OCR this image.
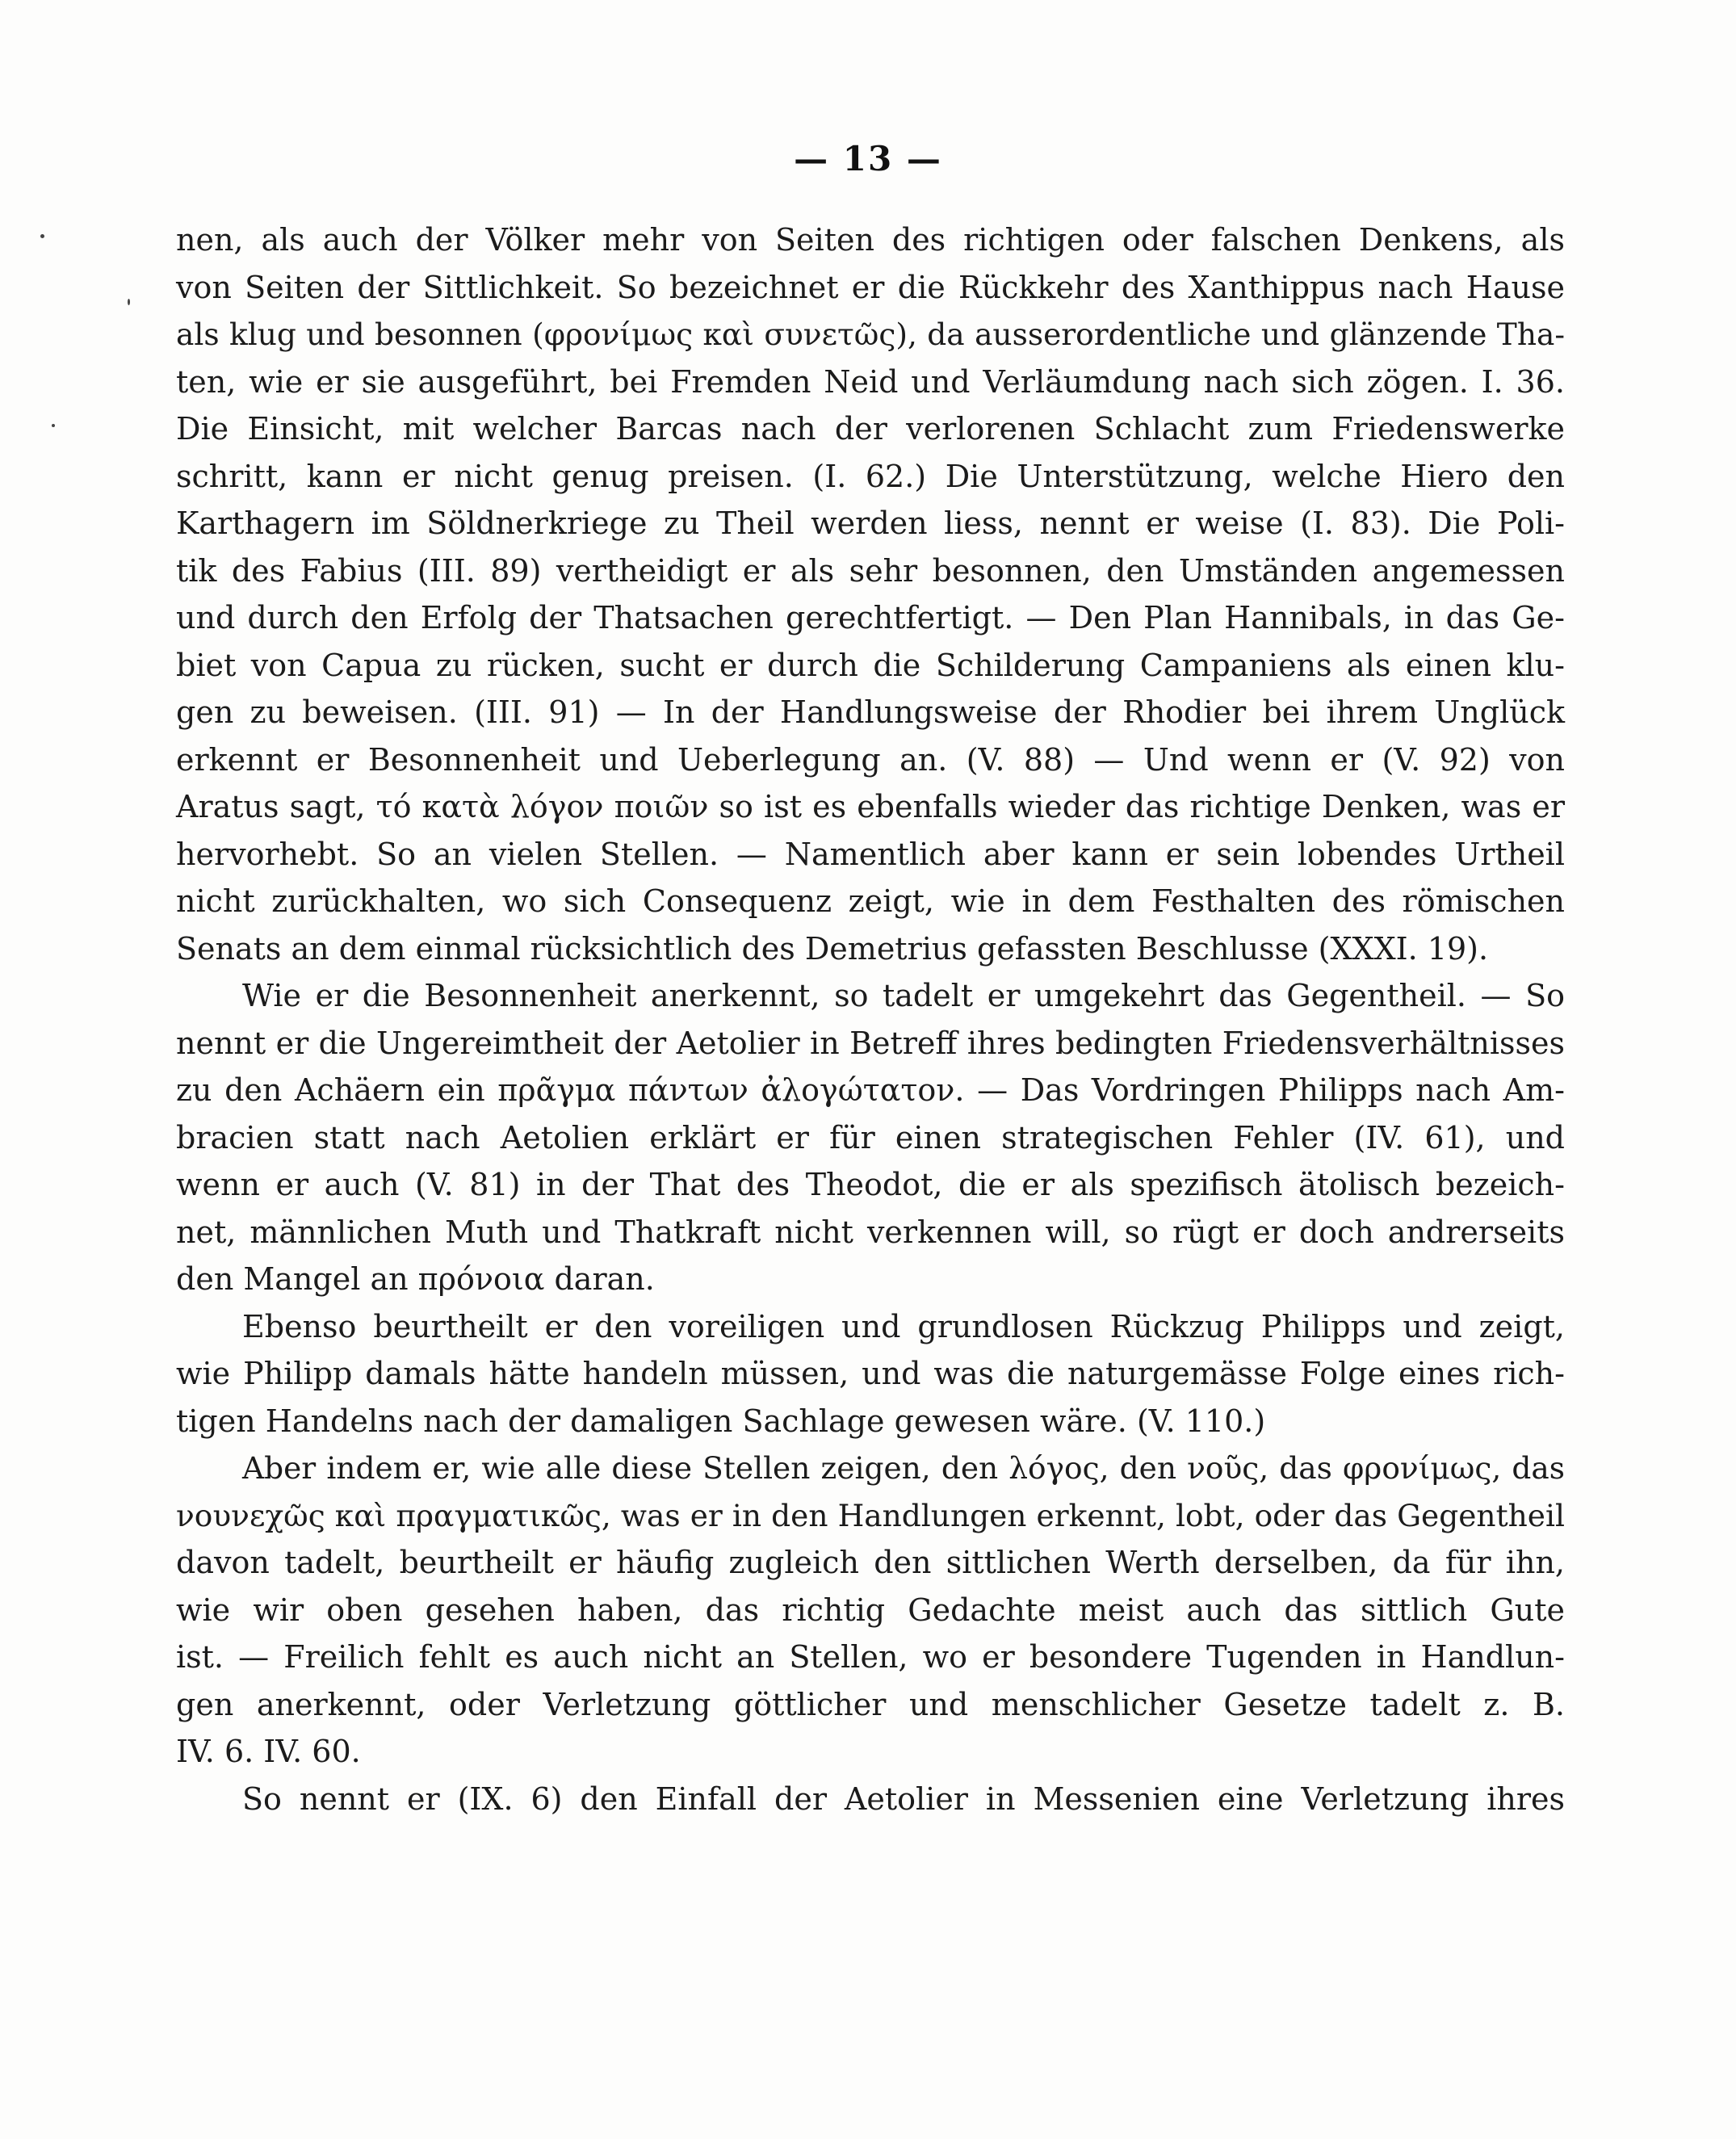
— 13 —
nen, als auch der Völker mehr von Seiten des richtigen oder falschen Denkens, als
von Seiten der Sittlichkeit. So bezeichnet er die Rückkehr des Xanthippus nach Hause
als klug und besonnen (φρονίμως καὶ συνετῶς), da ausserordentliche und glänzende Tha-
ten, wie er sie ausgeführt, bei Fremden Neid und Verläumdung nach sich zögen. I. 36.
Die Einsicht, mit welcher Barcas nach der verlorenen Schlacht zum Friedenswerke
schritt, kann er nicht genug preisen. (I. 62.) Die Unterstützung, welche Hiero den
Karthagern im Söldnerkriege zu Theil werden liess, nennt er weise (I. 83). Die Poli-
tik des Fabius (III. 89) vertheidigt er als sehr besonnen, den Umständen angemessen
und durch den Erfolg der Thatsachen gerechtfertigt. — Den Plan Hannibals, in das Ge-
biet von Capua zu rücken, sucht er durch die Schilderung Campaniens als einen klu-
gen zu beweisen. (III. 91) — In der Handlungsweise der Rhodier bei ihrem Unglück
erkennt er Besonnenheit und Ueberlegung an. (V. 88) — Und wenn er (V. 92) von
Aratus sagt, τό κατὰ λόγον ποιῶν so ist es ebenfalls wieder das richtige Denken, was er
hervorhebt. So an vielen Stellen. — Namentlich aber kann er sein lobendes Urtheil
nicht zurückhalten, wo sich Consequenz zeigt, wie in dem Festhalten des römischen
Senats an dem einmal rücksichtlich des Demetrius gefassten Beschlusse (XXXI. 19).
Wie er die Besonnenheit anerkennt, so tadelt er umgekehrt das Gegentheil. — So
nennt er die Ungereimtheit der Aetolier in Betreff ihres bedingten Friedensverhältnisses
zu den Achäern ein πρᾶγμα πάντων ἀλογώτατον. — Das Vordringen Philipps nach Am-
bracien statt nach Aetolien erklärt er für einen strategischen Fehler (IV. 61), und
wenn er auch (V. 81) in der That des Theodot, die er als spezifisch ätolisch bezeich-
net, männlichen Muth und Thatkraft nicht verkennen will, so rügt er doch andrerseits
den Mangel an πρόνοια daran.
Ebenso beurtheilt er den voreiligen und grundlosen Rückzug Philipps und zeigt,
wie Philipp damals hätte handeln müssen, und was die naturgemässe Folge eines rich-
tigen Handelns nach der damaligen Sachlage gewesen wäre. (V. 110.)
Aber indem er, wie alle diese Stellen zeigen, den λόγος, den νοῦς, das φρονίμως, das
νουνεχῶς καὶ πραγματικῶς, was er in den Handlungen erkennt, lobt, oder das Gegentheil
davon tadelt, beurtheilt er häufig zugleich den sittlichen Werth derselben, da für ihn,
wie wir oben gesehen haben, das richtig Gedachte meist auch das sittlich Gute
ist. — Freilich fehlt es auch nicht an Stellen, wo er besondere Tugenden in Handlun-
gen anerkennt, oder Verletzung göttlicher und menschlicher Gesetze tadelt z. B.
IV. 6. IV. 60.
So nennt er (IX. 6) den Einfall der Aetolier in Messenien eine Verletzung ihres
